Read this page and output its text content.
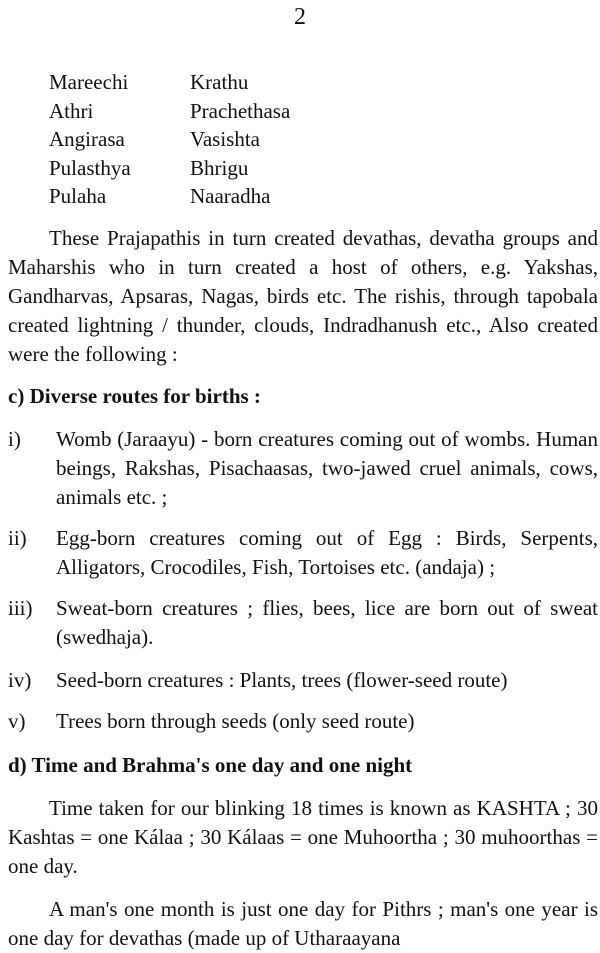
2
Mareechi	Krathu
Athri	Prachethasa
Angirasa	Vasishta
Pulasthya	Bhrigu
Pulaha	Naaradha

These Prajapathis in turn created devathas, devatha groups and Maharshis who in turn created a host of others, e.g. Yakshas, Gandharvas, Apsaras, Nagas, birds etc. The rishis, through tapobala created lightning / thunder, clouds, Indradhanush etc., Also created were the following :

c) Diverse routes for births :
i)	Womb (Jaraayu) - born creatures coming out of wombs. Human beings, Rakshas, Pisachaasas, two-jawed cruel animals, cows, animals etc. ;
ii)	Egg-born creatures coming out of Egg : Birds, Serpents, Alligators, Crocodiles, Fish, Tortoises etc. (andaja) ;
iii)	Sweat-born creatures ; flies, bees, lice are born out of sweat (swedhaja).
iv)	Seed-born creatures : Plants, trees (flower-seed route)
v)	Trees born through seeds (only seed route)
d) Time and Brahma's one day and one night

Time taken for our blinking 18 times is known as KASHTA ; 30 Kashtas = one Kálaa ; 30 Kálaas = one Muhoortha ; 30 muhoorthas = one day.

A man's one month is just one day for Pithrs ; man's one year is one day for devathas (made up of Utharaayana
